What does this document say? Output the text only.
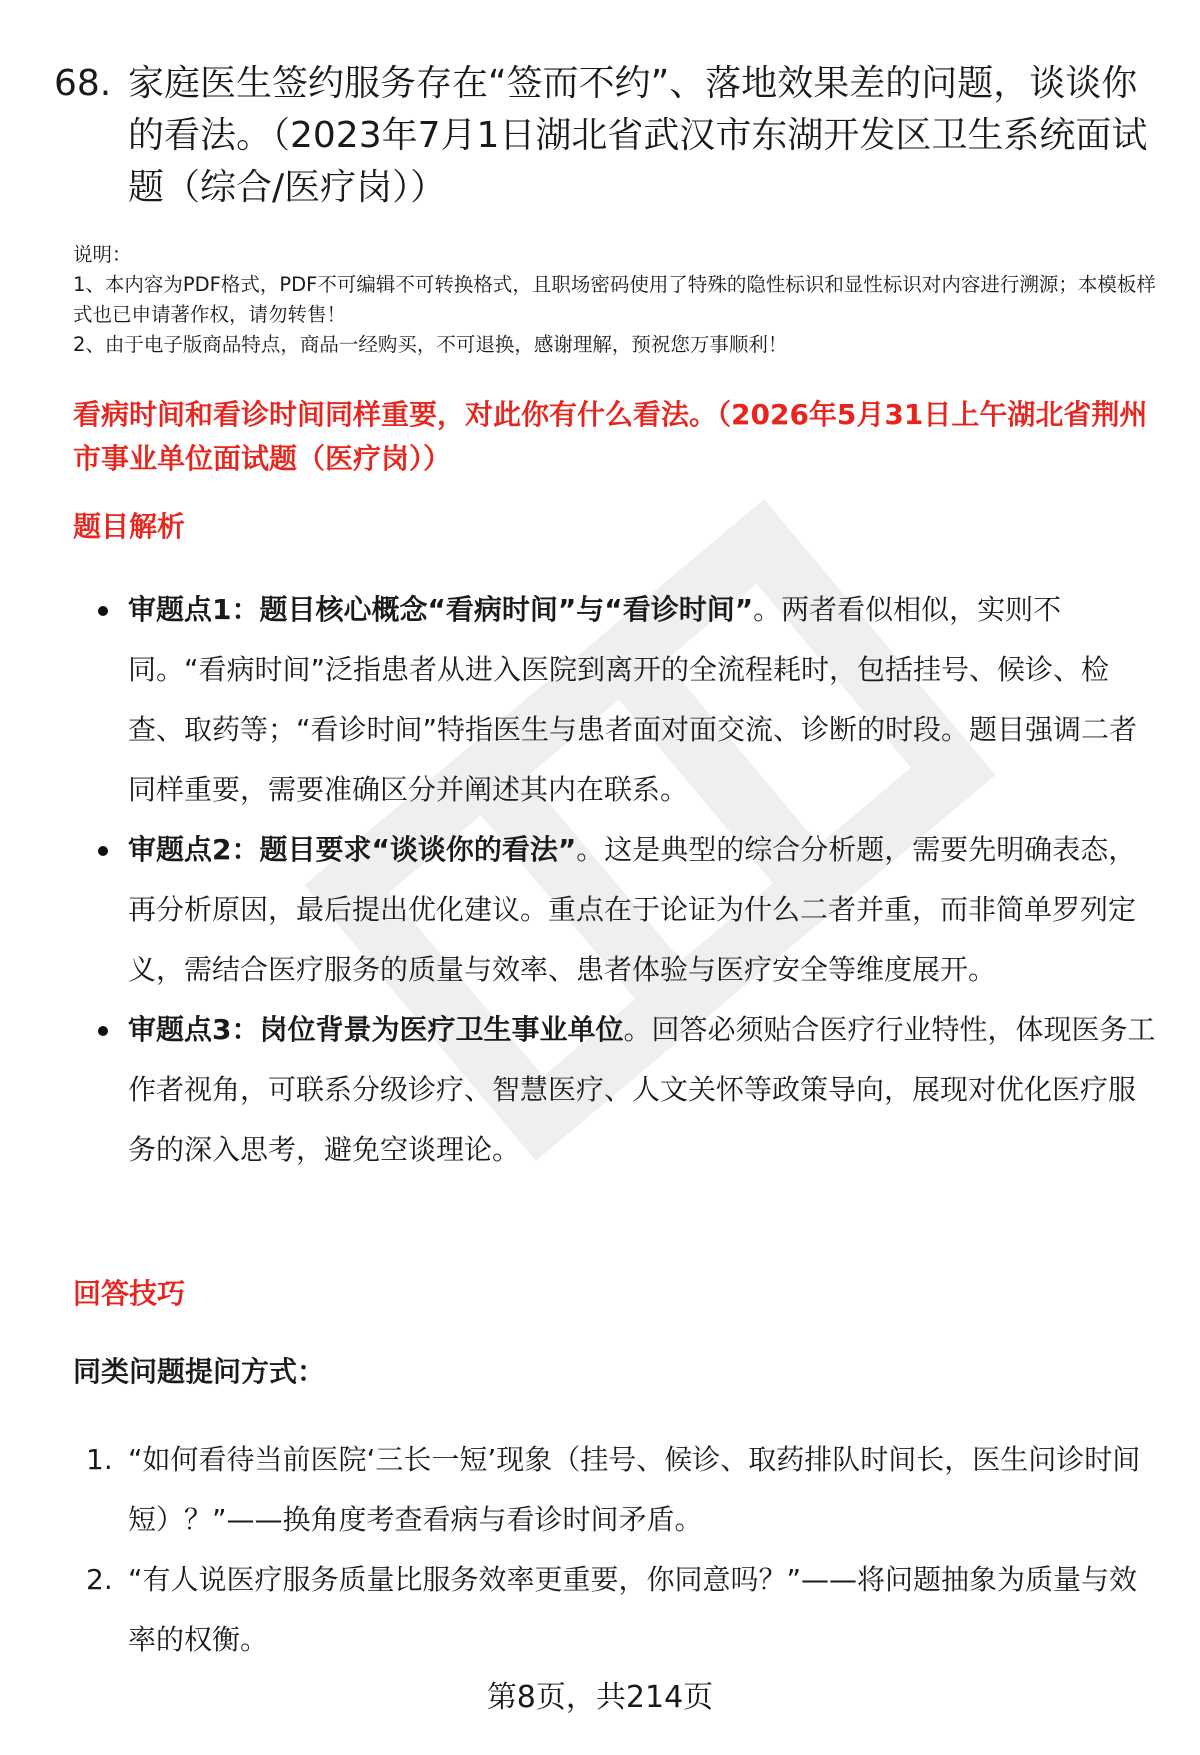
68. 家庭医生签约服务存在“签而不约”、落地效果差的问题，谈谈你的看法。（2023年7月1日湖北省武汉市东湖开发区卫生系统面试题（综合/医疗岗））

说明：

1、本内容为PDF格式，PDF不可编辑不可转换格式，且职场密码使用了特殊的隐性标识和显性标识对内容进行溯源；本模板样式也已申请著作权，请勿转售！

2、由于电子版商品特点，商品一经购买，不可退换，感谢理解，预祝您万事顺利！

看病时间和看诊时间同样重要，对此你有什么看法。（2026年5月31日上午湖北省荆州市事业单位面试题（医疗岗））
题目解析
审题点1：题目核心概念“看病时间”与“看诊时间”。两者看似相似，实则不同。“看病时间”泛指患者从进入医院到离开的全流程耗时，包括挂号、候诊、检查、取药等；“看诊时间”特指医生与患者面对面交流、诊断的时段。题目强调二者同样重要，需要准确区分并阐述其内在联系。
审题点2：题目要求“谈谈你的看法”。这是典型的综合分析题，需要先明确表态，再分析原因，最后提出优化建议。重点在于论证为什么二者并重，而非简单罗列定义，需结合医疗服务的质量与效率、患者体验与医疗安全等维度展开。
审题点3：岗位背景为医疗卫生事业单位。回答必须贴合医疗行业特性，体现医务工作者视角，可联系分级诊疗、智慧医疗、人文关怀等政策导向，展现对优化医疗服务的深入思考，避免空谈理论。
回答技巧
同类问题提问方式：
1. “如何看待当前医院‘三长一短’现象（挂号、候诊、取药排队时间长，医生问诊时间短）？”——换角度考查看病与看诊时间矛盾。
2. “有人说医疗服务质量比服务效率更重要，你同意吗？”——将问题抽象为质量与效率的权衡。
第8页，共214页
